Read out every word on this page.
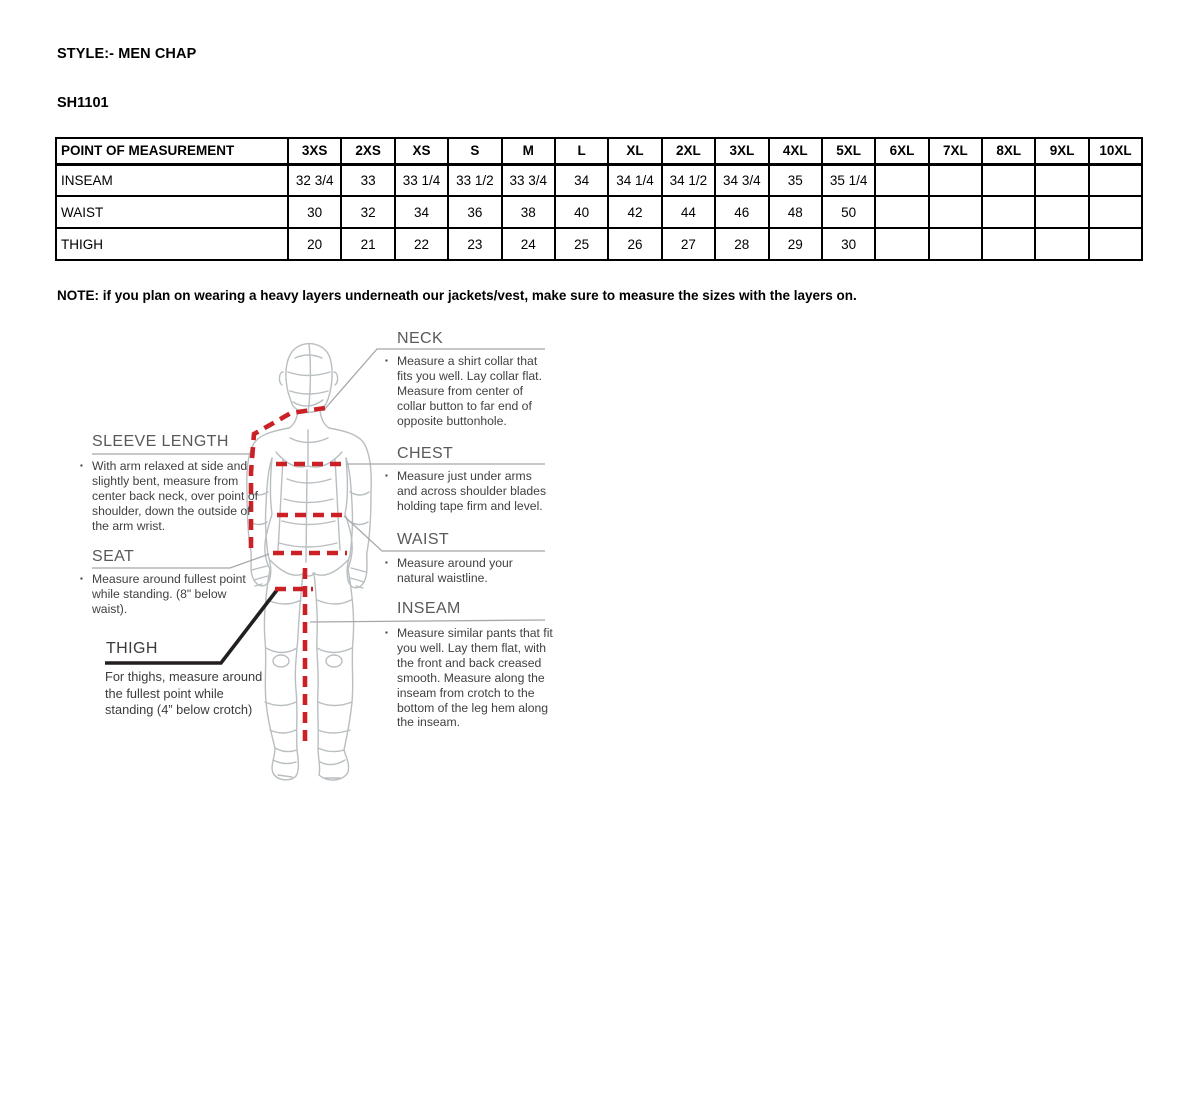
STYLE:- MEN CHAP
SH1101
POINT OF MEASUREMENT	3XS	2XS	XS	S	M	L	XL	2XL	3XL	4XL	5XL	6XL	7XL	8XL	9XL	10XL
INSEAM	32 3/4	33	33 1/4	33 1/2	33 3/4	34	34 1/4	34 1/2	34 3/4	35	35 1/4					
WAIST	30	32	34	36	38	40	42	44	46	48	50					
THIGH	20	21	22	23	24	25	26	27	28	29	30					
NOTE: if you plan on wearing a heavy layers underneath our jackets/vest, make sure to measure the sizes with the layers on.
NECK
▪ Measure a shirt collar that fits you well. Lay collar flat. Measure from center of collar button to far end of opposite buttonhole.
CHEST
▪ Measure just under arms and across shoulder blades holding tape firm and level.
WAIST
▪ Measure around your natural waistline.
INSEAM
▪ Measure similar pants that fit you well. Lay them flat, with the front and back creased smooth. Measure along the inseam from crotch to the bottom of the leg hem along the inseam.
SLEEVE LENGTH
▪ With arm relaxed at side and slightly bent, measure from center back neck, over point of shoulder, down the outside of the arm wrist.
SEAT
▪ Measure around fullest point while standing. (8" below waist).
THIGH
For thighs, measure around the fullest point while standing (4” below crotch)
